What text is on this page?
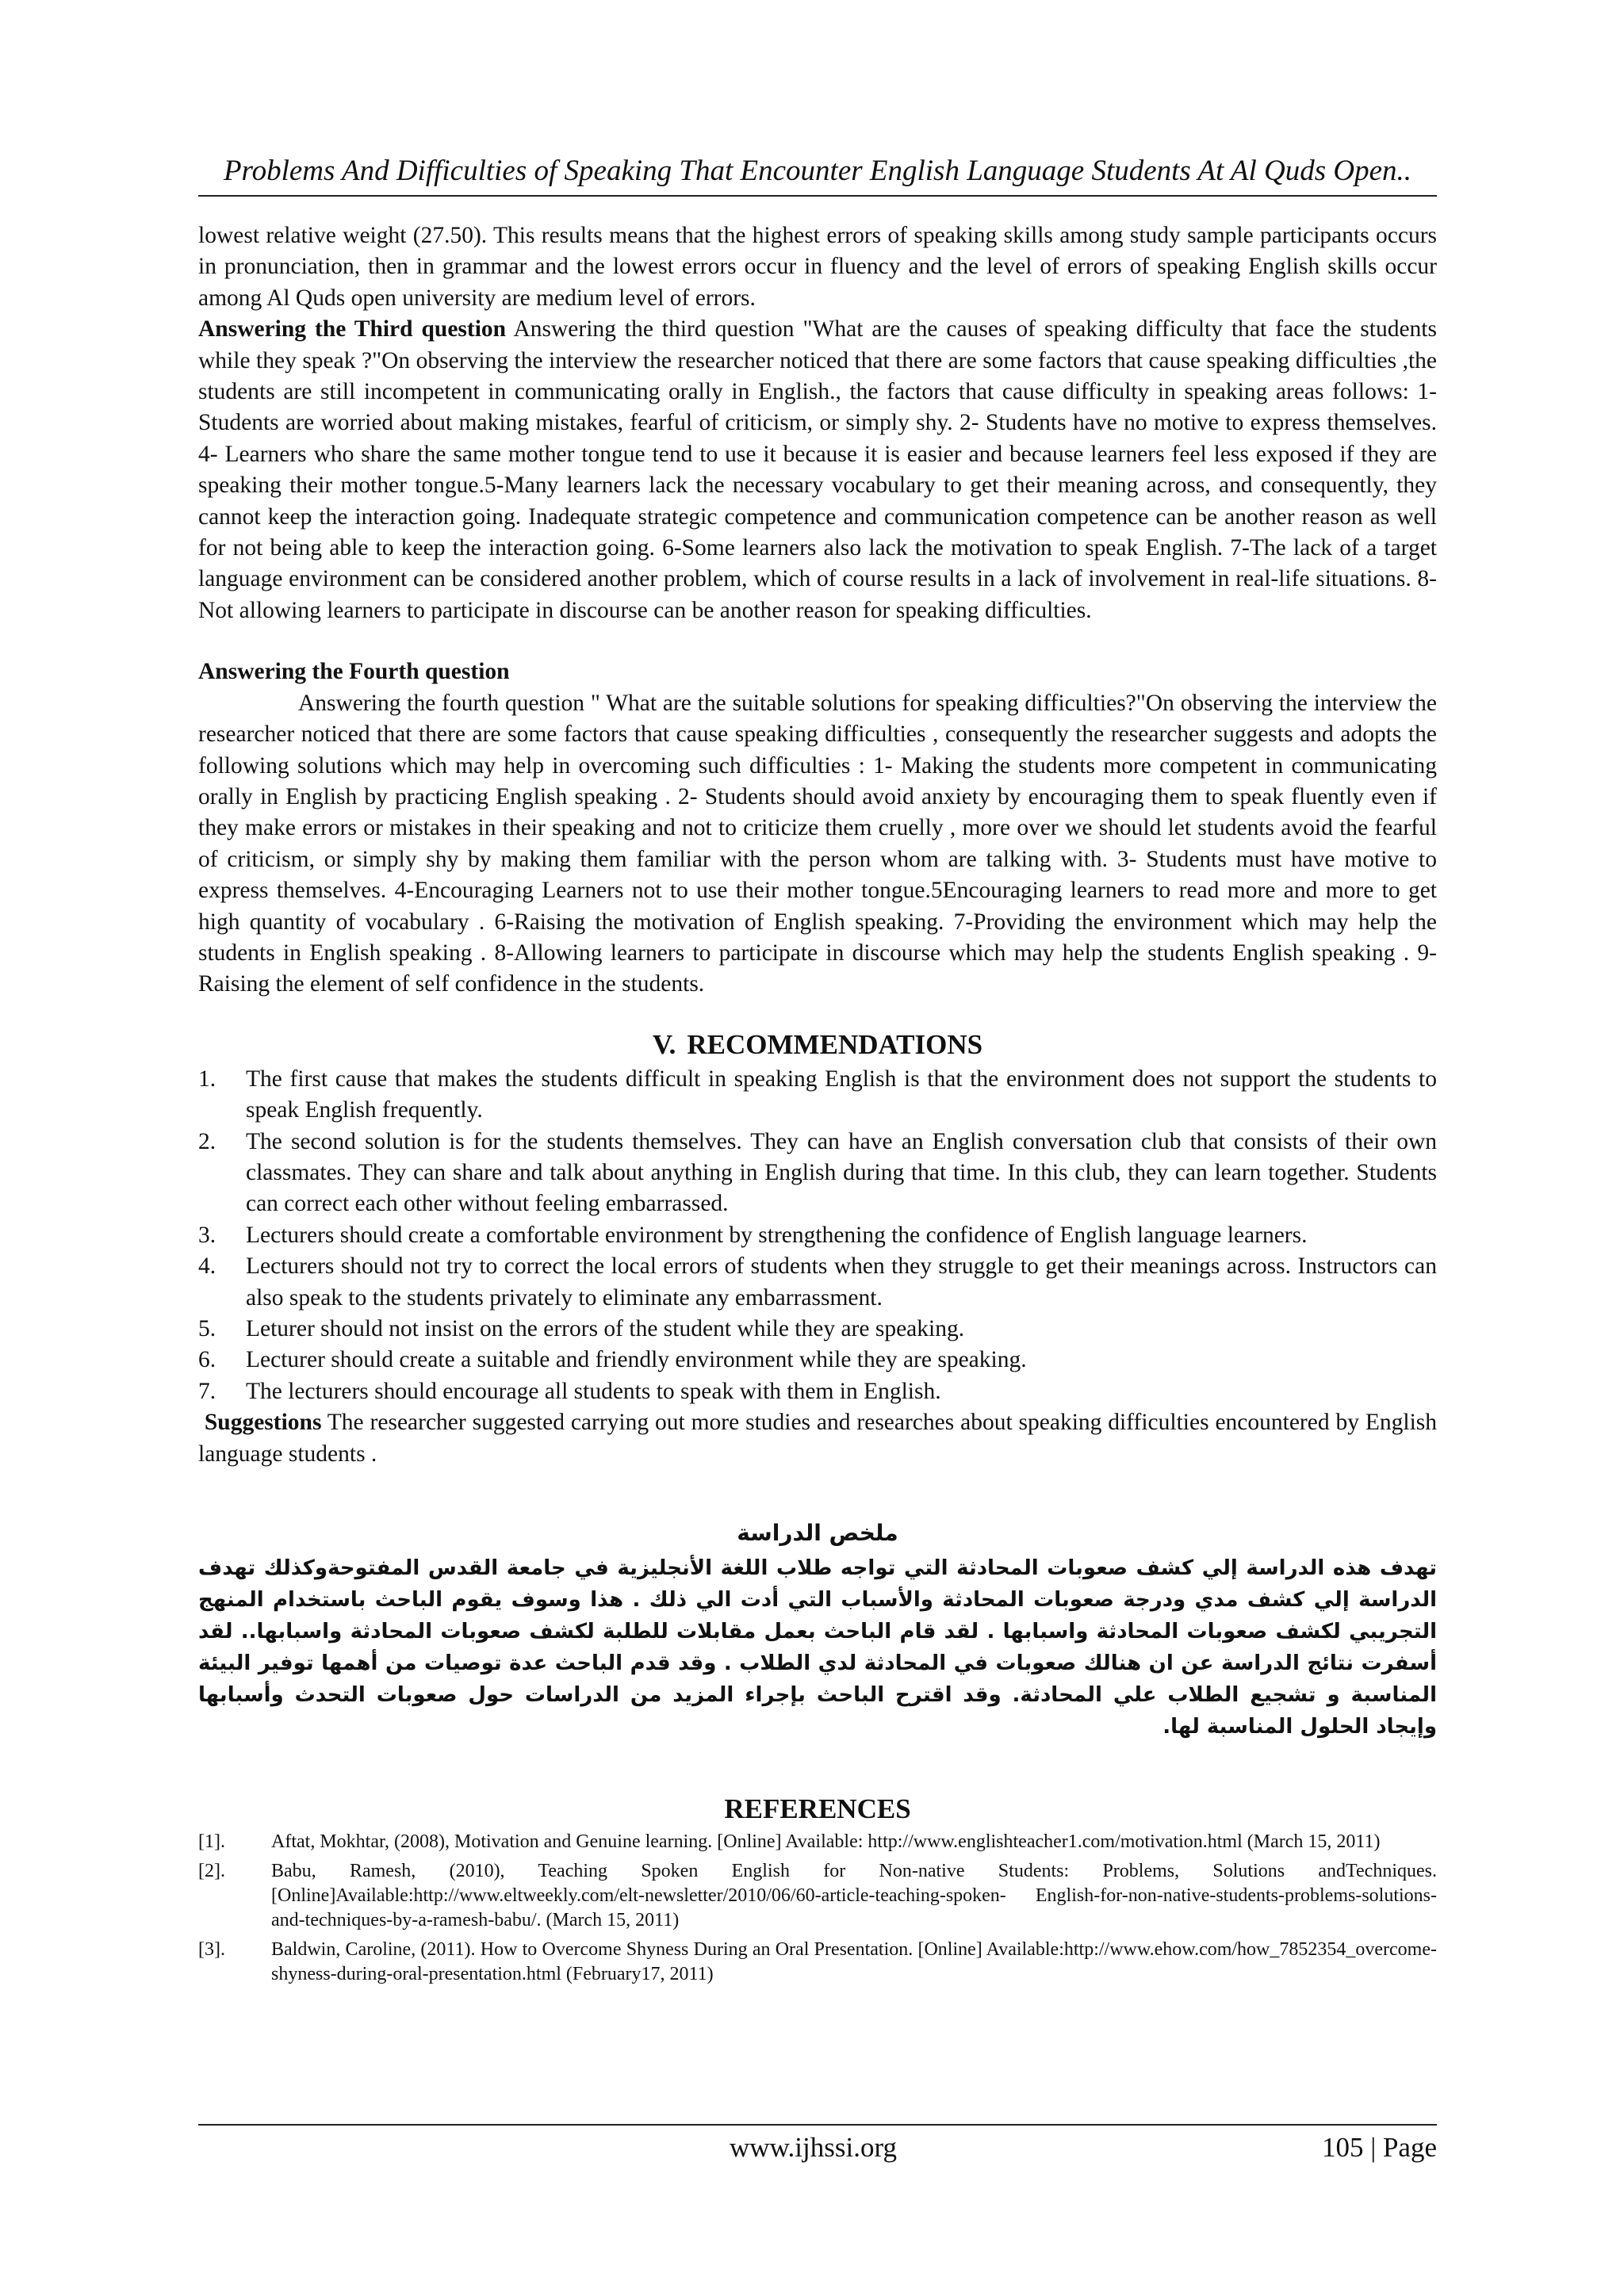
Problems And Difficulties of Speaking That Encounter English Language Students At Al Quds Open..

lowest relative weight (27.50). This results means that the highest errors of speaking skills among study sample participants occurs in pronunciation, then in grammar and the lowest errors occur in fluency and the level of errors of speaking English skills occur among Al Quds open university are medium level of errors.

Answering the Third question Answering the third question "What are the causes of speaking difficulty that face the students while they speak ?"On observing the interview the researcher noticed that there are some factors that cause speaking difficulties ,the students are still incompetent in communicating orally in English., the factors that cause difficulty in speaking areas follows: 1- Students are worried about making mistakes, fearful of criticism, or simply shy. 2- Students have no motive to express themselves. 4- Learners who share the same mother tongue tend to use it because it is easier and because learners feel less exposed if they are speaking their mother tongue.5-Many learners lack the necessary vocabulary to get their meaning across, and consequently, they cannot keep the interaction going. Inadequate strategic competence and communication competence can be another reason as well for not being able to keep the interaction going. 6-Some learners also lack the motivation to speak English. 7-The lack of a target language environment can be considered another problem, which of course results in a lack of involvement in real-life situations. 8-Not allowing learners to participate in discourse can be another reason for speaking difficulties.

Answering the Fourth question

Answering the fourth question " What are the suitable solutions for speaking difficulties?"On observing the interview the researcher noticed that there are some factors that cause speaking difficulties , consequently the researcher suggests and adopts the following solutions which may help in overcoming such difficulties : 1- Making the students more competent in communicating orally in English by practicing English speaking . 2- Students should avoid anxiety by encouraging them to speak fluently even if they make errors or mistakes in their speaking and not to criticize them cruelly , more over we should let students avoid the fearful of criticism, or simply shy by making them familiar with the person whom are talking with. 3- Students must have motive to express themselves. 4-Encouraging Learners not to use their mother tongue.5Encouraging learners to read more and more to get high quantity of vocabulary . 6-Raising the motivation of English speaking. 7-Providing the environment which may help the students in English speaking . 8-Allowing learners to participate in discourse which may help the students English speaking . 9-Raising the element of self confidence in the students.

V. RECOMMENDATIONS
1.	The first cause that makes the students difficult in speaking English is that the environment does not support the students to speak English frequently.
2.	The second solution is for the students themselves. They can have an English conversation club that consists of their own classmates. They can share and talk about anything in English during that time. In this club, they can learn together. Students can correct each other without feeling embarrassed.
3.	Lecturers should create a comfortable environment by strengthening the confidence of English language learners.
4.	Lecturers should not try to correct the local errors of students when they struggle to get their meanings across. Instructors can also speak to the students privately to eliminate any embarrassment.
5.	Leturer should not insist on the errors of the student while they are speaking.
6.	Lecturer should create a suitable and friendly environment while they are speaking.
7.	The lecturers should encourage all students to speak with them in English.

Suggestions The researcher suggested carrying out more studies and researches about speaking difficulties encountered by English language students .

ملخص الدراسة
تهدف هذه الدراسة إلي كشف صعوبات المحادثة التي تواجه طلاب اللغة الأنجليزية في جامعة القدس المفتوحةوكذلك تهدف الدراسة إلي كشف مدي ودرجة صعوبات المحادثة والأسباب التي أدت الي ذلك . هذا وسوف يقوم الباحث باستخدام المنهج التجريبي لكشف صعوبات المحادثة واسبابها . لقد قام الباحث بعمل مقابلات للطلبة لكشف صعوبات المحادثة واسبابها.. لقد أسفرت نتائج الدراسة عن ان هنالك صعوبات في المحادثة لدي الطلاب . وقد قدم الباحث عدة توصيات من أهمها توفير البيئة المناسبة و تشجيع الطلاب علي المحادثة. وقد اقترح الباحث بإجراء المزيد من الدراسات حول صعوبات التحدث وأسبابها وإيجاد الحلول المناسبة لها.
REFERENCES
[1].	Aftat, Mokhtar, (2008), Motivation and Genuine learning. [Online] Available: http://www.englishteacher1.com/motivation.html (March 15, 2011)
[2].	Babu, Ramesh, (2010), Teaching Spoken English for Non-native Students: Problems, Solutions andTechniques.[Online]Available:http://www.eltweekly.com/elt-newsletter/2010/06/60-article-teaching-spoken- English-for-non-native-students-problems-solutions-and-techniques-by-a-ramesh-babu/. (March 15, 2011)
[3].	Baldwin, Caroline, (2011). How to Overcome Shyness During an Oral Presentation. [Online] Available:http://www.ehow.com/how_7852354_overcome-shyness-during-oral-presentation.html (February17, 2011)
www.ijhssi.org	105 | Page
